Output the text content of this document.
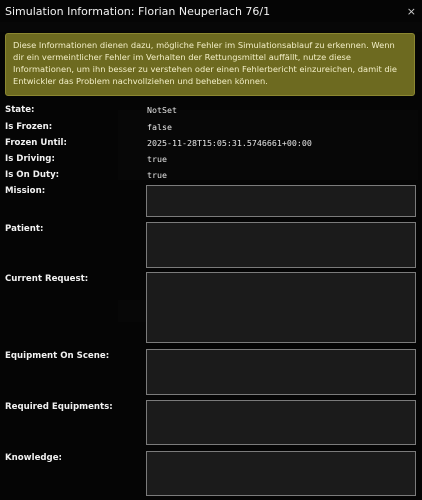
Simulation Information: Florian Neuperlach 76/1	×
Diese Informationen dienen dazu, mögliche Fehler im Simulationsablauf zu erkennen. Wenn dir ein vermeintlicher Fehler im Verhalten der Rettungsmittel auffällt, nutze diese Informationen, um ihn besser zu verstehen oder einen Fehlerbericht einzureichen, damit die Entwickler das Problem nachvollziehen und beheben können.
State:	NotSet
Is Frozen:	false
Frozen Until:	2025-11-28T15:05:31.5746661+00:00
Is Driving:	true
Is On Duty:	true
Mission:
Patient:
Current Request:
Equipment On Scene:
Required Equipments:
Knowledge:
